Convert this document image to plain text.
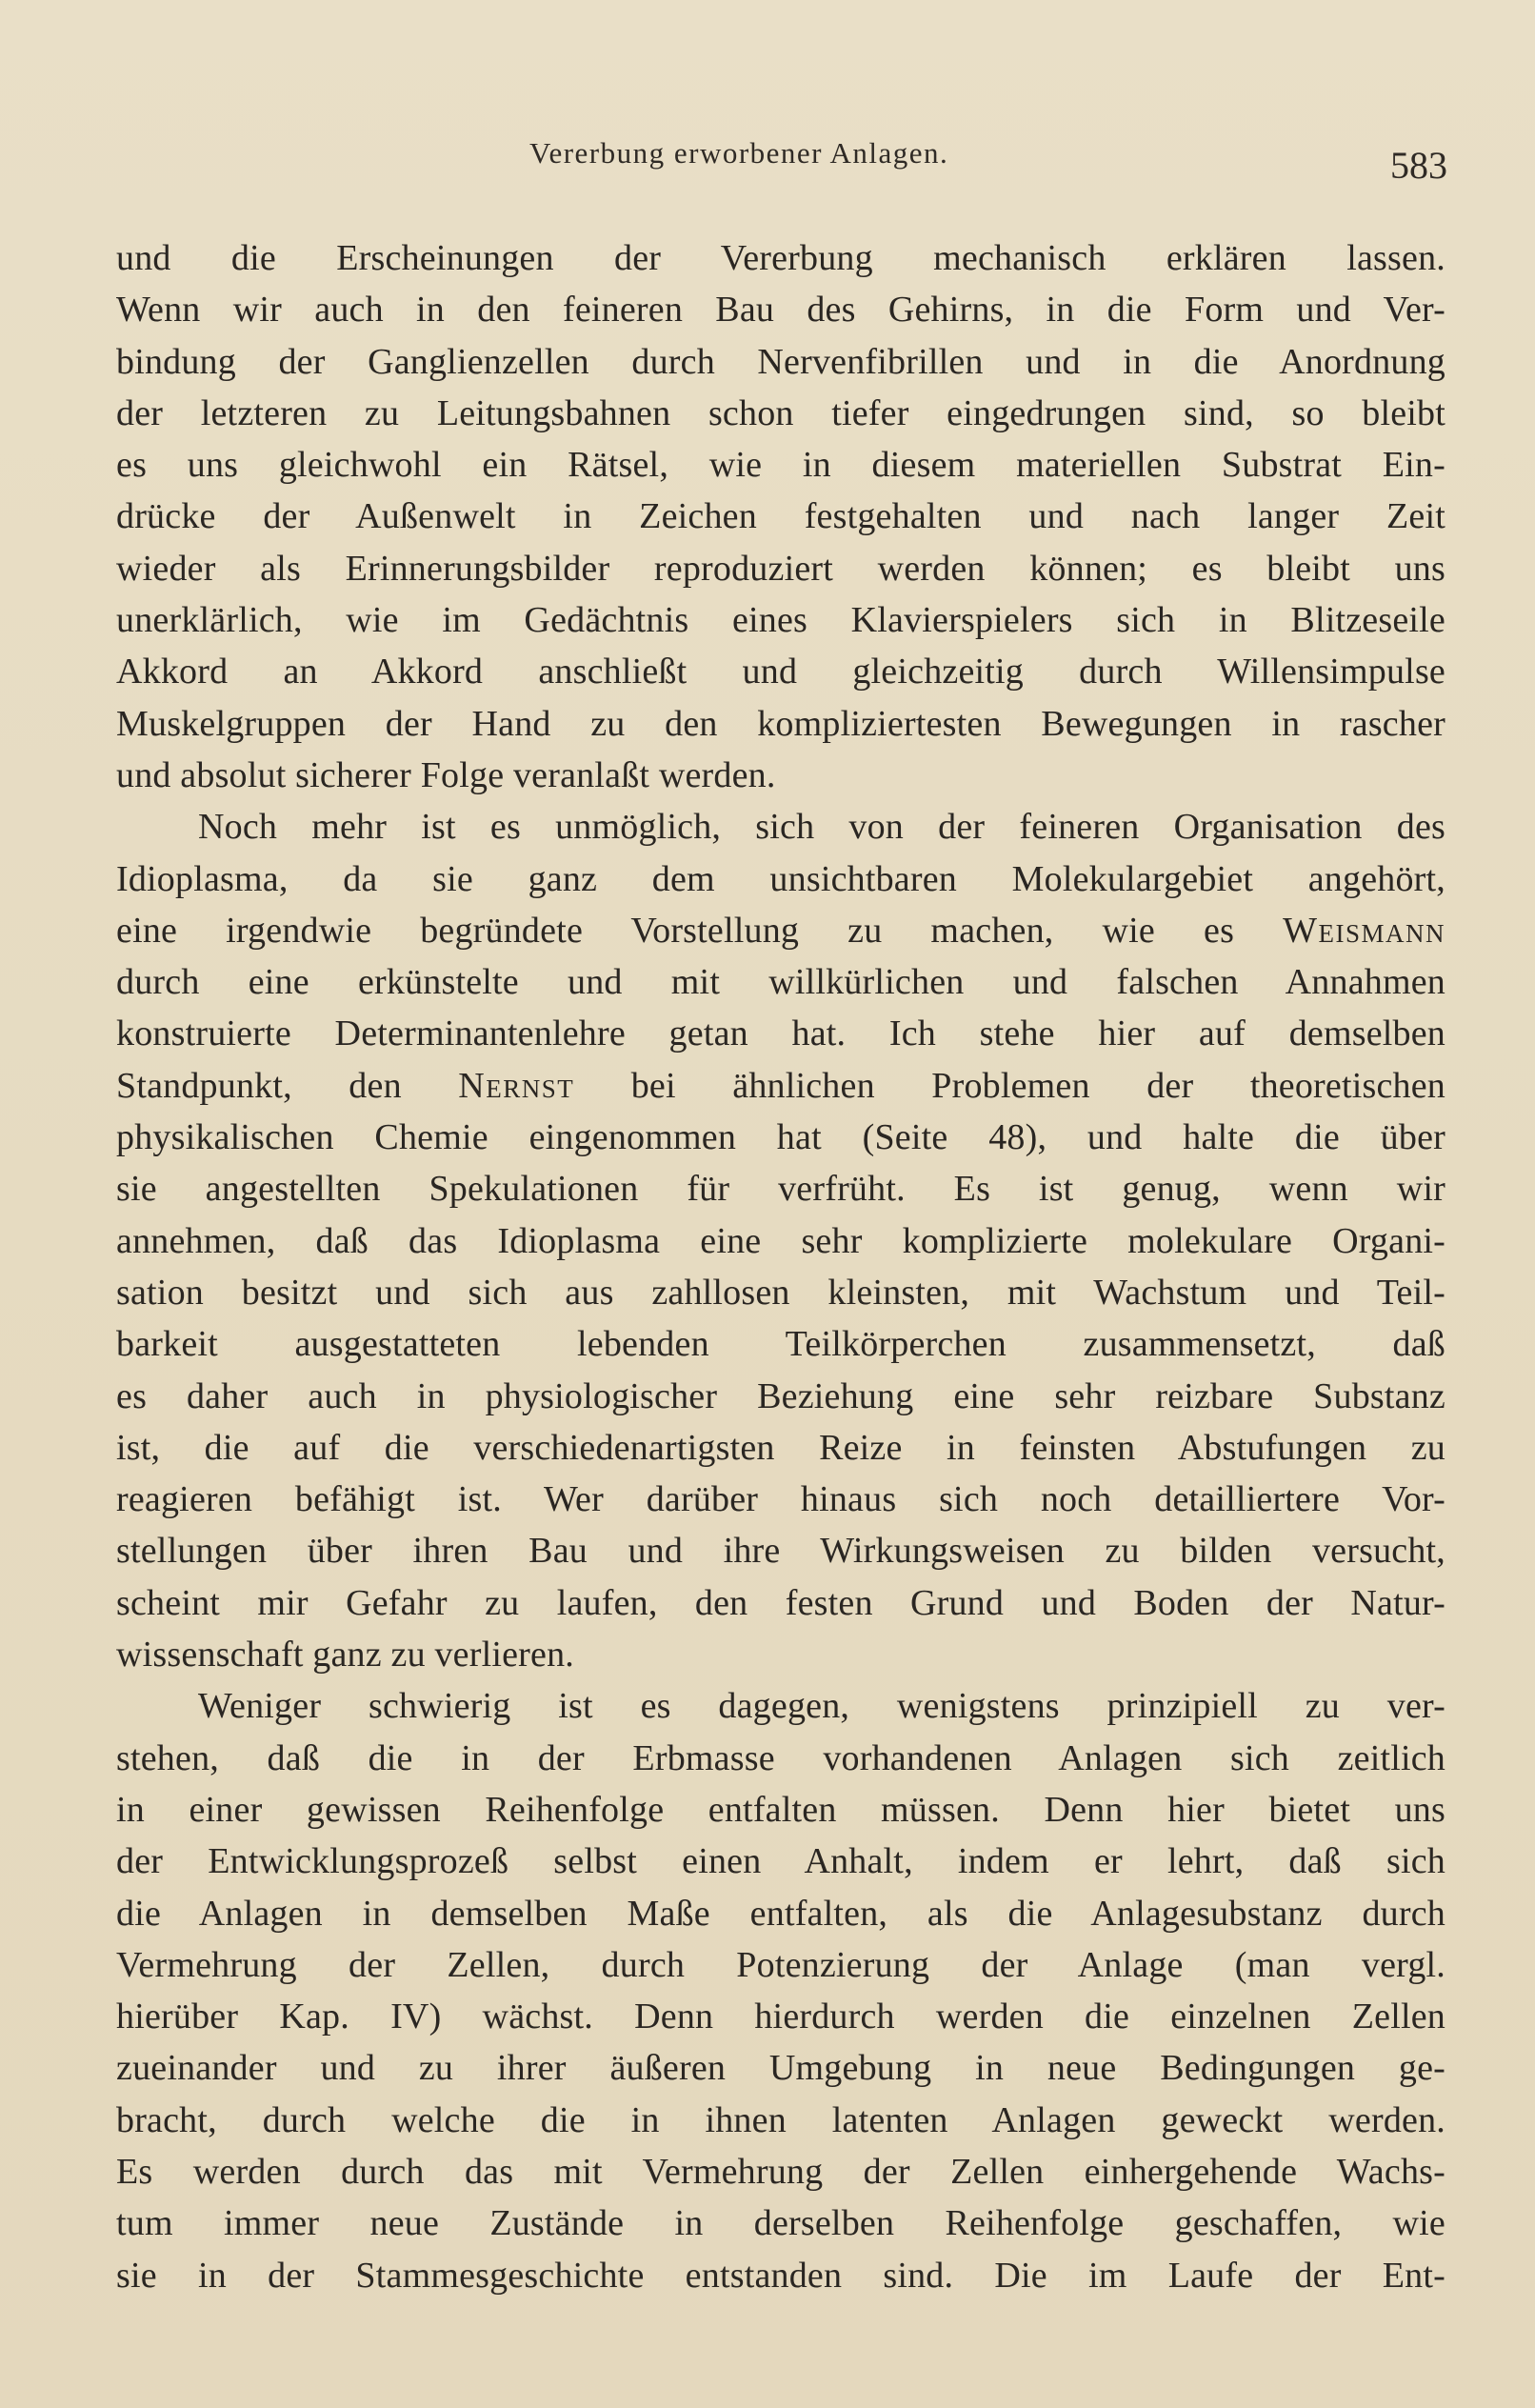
Vererbung erworbener Anlagen.	583
und die Erscheinungen der Vererbung mechanisch erklären lassen.
Wenn wir auch in den feineren Bau des Gehirns, in die Form und Ver-
bindung der Ganglienzellen durch Nervenfibrillen und in die Anordnung
der letzteren zu Leitungsbahnen schon tiefer eingedrungen sind, so bleibt
es uns gleichwohl ein Rätsel, wie in diesem materiellen Substrat Ein-
drücke der Außenwelt in Zeichen festgehalten und nach langer Zeit
wieder als Erinnerungsbilder reproduziert werden können; es bleibt uns
unerklärlich, wie im Gedächtnis eines Klavierspielers sich in Blitzeseile
Akkord an Akkord anschließt und gleichzeitig durch Willensimpulse
Muskelgruppen der Hand zu den kompliziertesten Bewegungen in rascher
und absolut sicherer Folge veranlaßt werden.
Noch mehr ist es unmöglich, sich von der feineren Organisation des
Idioplasma, da sie ganz dem unsichtbaren Molekulargebiet angehört,
eine irgendwie begründete Vorstellung zu machen, wie es Weismann
durch eine erkünstelte und mit willkürlichen und falschen Annahmen
konstruierte Determinantenlehre getan hat. Ich stehe hier auf demselben
Standpunkt, den Nernst bei ähnlichen Problemen der theoretischen
physikalischen Chemie eingenommen hat (Seite 48), und halte die über
sie angestellten Spekulationen für verfrüht. Es ist genug, wenn wir
annehmen, daß das Idioplasma eine sehr komplizierte molekulare Organi-
sation besitzt und sich aus zahllosen kleinsten, mit Wachstum und Teil-
barkeit ausgestatteten lebenden Teilkörperchen zusammensetzt, daß
es daher auch in physiologischer Beziehung eine sehr reizbare Substanz
ist, die auf die verschiedenartigsten Reize in feinsten Abstufungen zu
reagieren befähigt ist. Wer darüber hinaus sich noch detailliertere Vor-
stellungen über ihren Bau und ihre Wirkungsweisen zu bilden versucht,
scheint mir Gefahr zu laufen, den festen Grund und Boden der Natur-
wissenschaft ganz zu verlieren.
Weniger schwierig ist es dagegen, wenigstens prinzipiell zu ver-
stehen, daß die in der Erbmasse vorhandenen Anlagen sich zeitlich
in einer gewissen Reihenfolge entfalten müssen. Denn hier bietet uns
der Entwicklungsprozeß selbst einen Anhalt, indem er lehrt, daß sich
die Anlagen in demselben Maße entfalten, als die Anlagesubstanz durch
Vermehrung der Zellen, durch Potenzierung der Anlage (man vergl.
hierüber Kap. IV) wächst. Denn hierdurch werden die einzelnen Zellen
zueinander und zu ihrer äußeren Umgebung in neue Bedingungen ge-
bracht, durch welche die in ihnen latenten Anlagen geweckt werden.
Es werden durch das mit Vermehrung der Zellen einhergehende Wachs-
tum immer neue Zustände in derselben Reihenfolge geschaffen, wie
sie in der Stammesgeschichte entstanden sind. Die im Laufe der Ent-
